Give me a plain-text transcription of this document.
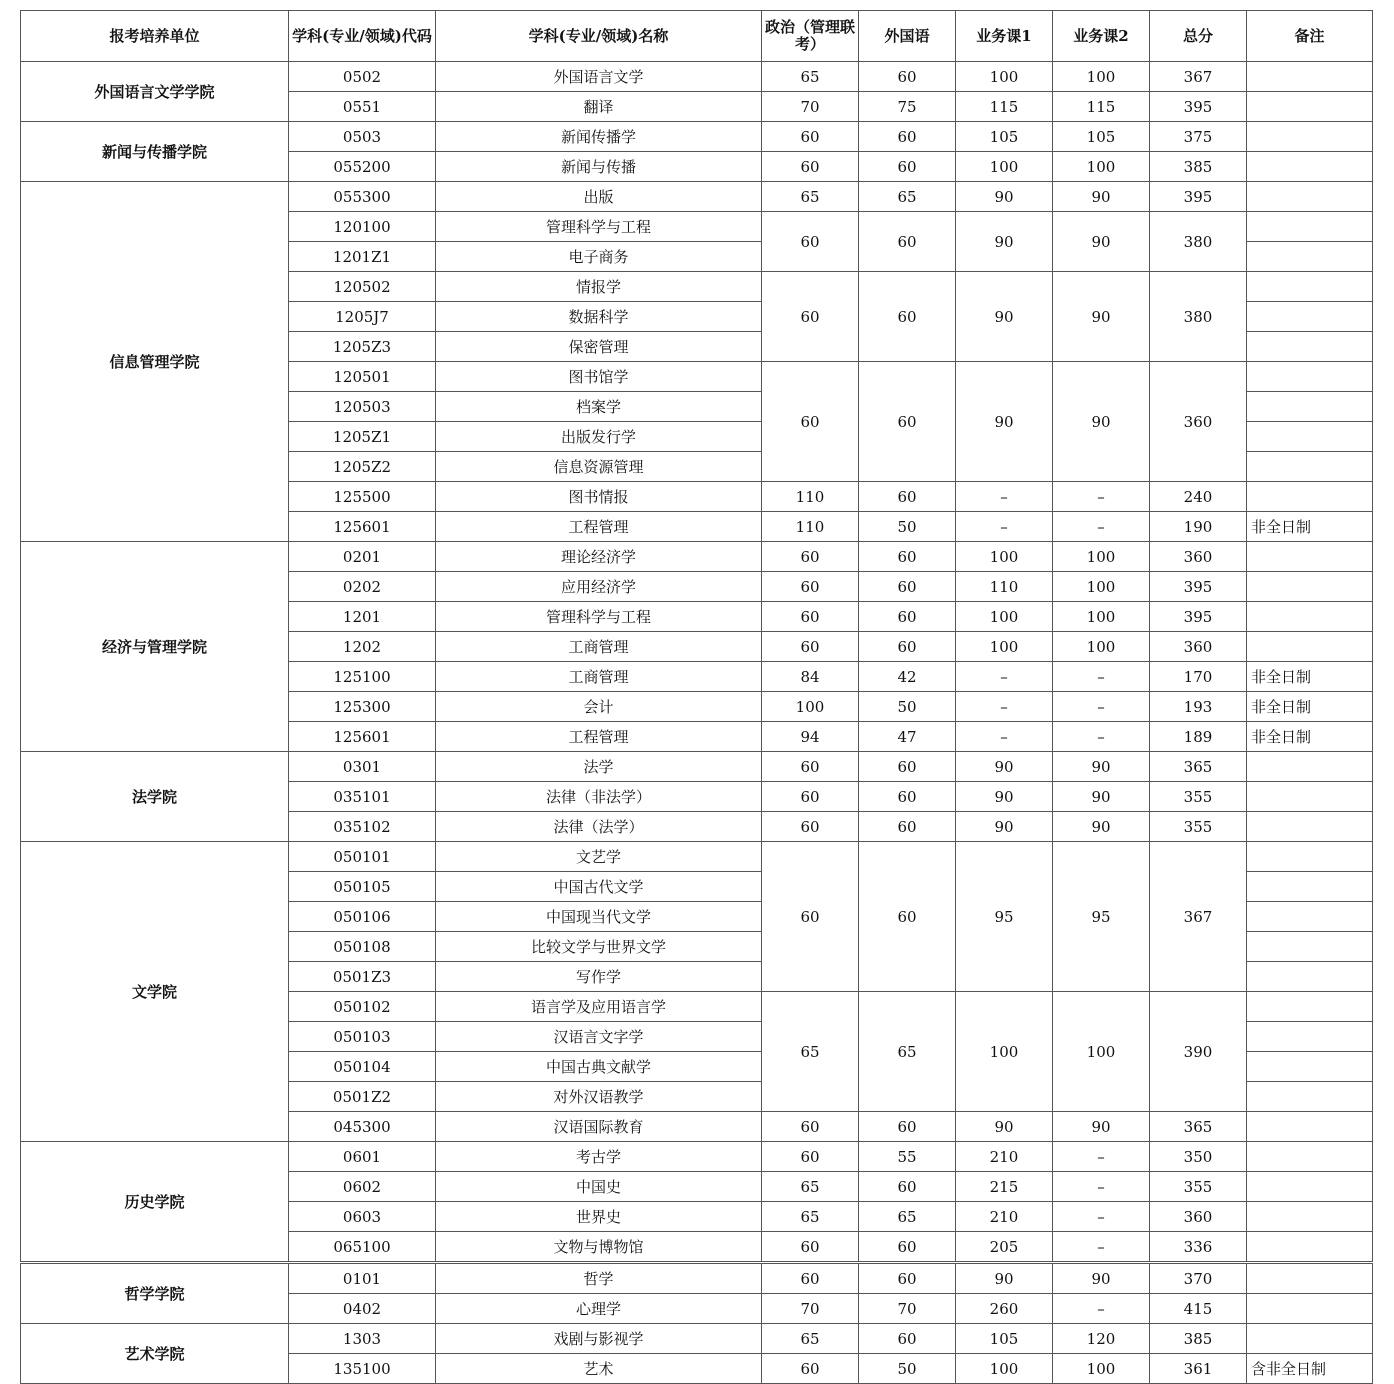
报考培养单位	学科(专业/领域)代码	学科(专业/领域)名称	政治（管理联考）	外国语	业务课1	业务课2	总分	备注
外国语言文学学院	0502	外国语言文学	65	60	100	100	367	
	0551	翻译	70	75	115	115	395	
新闻与传播学院	0503	新闻传播学	60	60	105	105	375	
	055200	新闻与传播	60	60	100	100	385	
信息管理学院	055300	出版	65	65	90	90	395	
	120100	管理科学与工程	60	60	90	90	380	
	1201Z1	电子商务						
	120502	情报学	60	60	90	90	380	
	1205J7	数据科学						
	1205Z3	保密管理						
	120501	图书馆学	60	60	90	90	360	
	120503	档案学						
	1205Z1	出版发行学						
	1205Z2	信息资源管理						
	125500	图书情报	110	60	–	–	240	
	125601	工程管理	110	50	–	–	190	非全日制
经济与管理学院	0201	理论经济学	60	60	100	100	360	
	0202	应用经济学	60	60	110	100	395	
	1201	管理科学与工程	60	60	100	100	395	
	1202	工商管理	60	60	100	100	360	
	125100	工商管理	84	42	–	–	170	非全日制
	125300	会计	100	50	–	–	193	非全日制
	125601	工程管理	94	47	–	–	189	非全日制
法学院	0301	法学	60	60	90	90	365	
	035101	法律（非法学）	60	60	90	90	355	
	035102	法律（法学）	60	60	90	90	355	
文学院	050101	文艺学	60	60	95	95	367	
	050105	中国古代文学						
	050106	中国现当代文学						
	050108	比较文学与世界文学						
	0501Z3	写作学						
	050102	语言学及应用语言学	65	65	100	100	390	
	050103	汉语言文字学						
	050104	中国古典文献学						
	0501Z2	对外汉语教学						
	045300	汉语国际教育	60	60	90	90	365	
历史学院	0601	考古学	60	55	210	–	350	
	0602	中国史	65	60	215	–	355	
	0603	世界史	65	65	210	–	360	
	065100	文物与博物馆	60	60	205	–	336	
哲学学院	0101	哲学	60	60	90	90	370	
	0402	心理学	70	70	260	–	415	
艺术学院	1303	戏剧与影视学	65	60	105	120	385	
	135100	艺术	60	50	100	100	361	含非全日制
